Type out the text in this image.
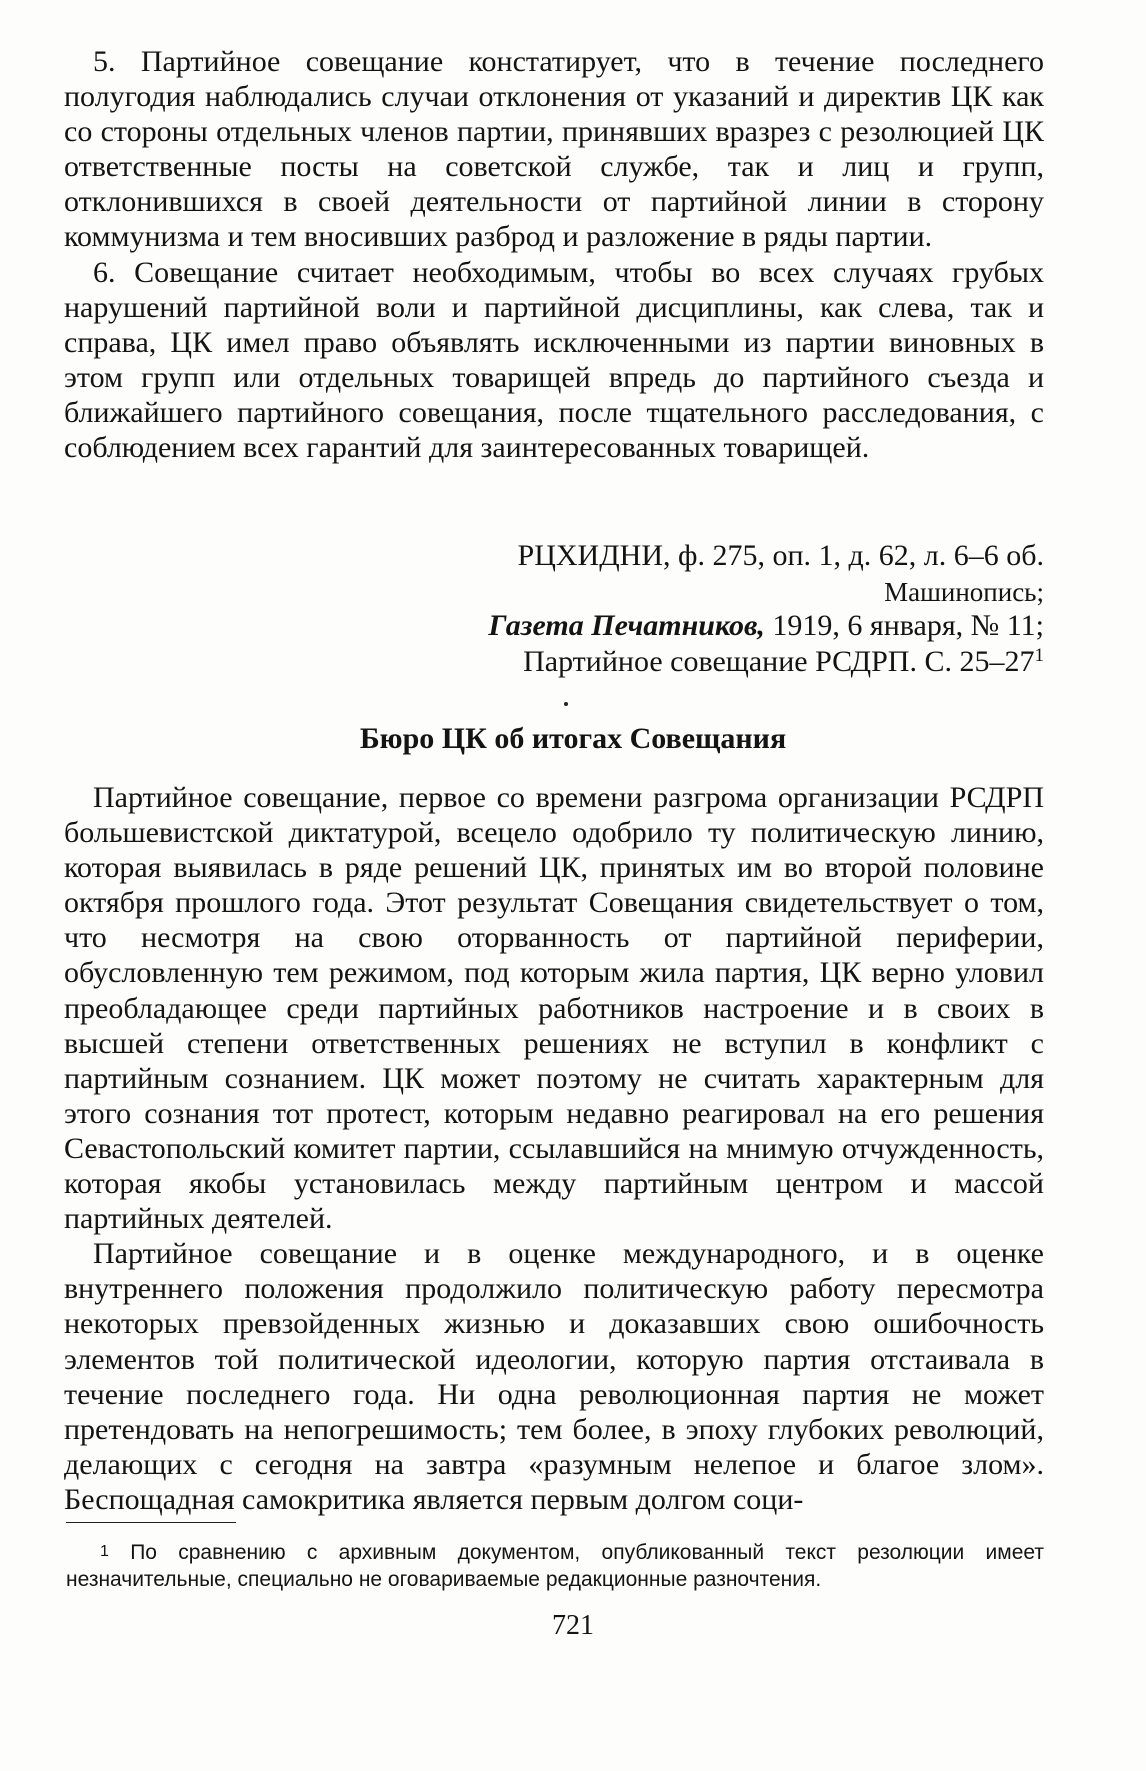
5. Партийное совещание констатирует, что в течение последнего полугодия наблюдались случаи отклонения от указаний и директив ЦК как со стороны отдельных членов партии, принявших вразрез с резолюцией ЦК ответственные посты на советской службе, так и лиц и групп, отклонившихся в своей деятельности от партийной линии в сторону коммунизма и тем вносивших разброд и разложение в ряды партии.

6. Совещание считает необходимым, чтобы во всех случаях грубых нарушений партийной воли и партийной дисциплины, как слева, так и справа, ЦК имел право объявлять исключенными из партии виновных в этом групп или отдельных товарищей впредь до партийного съезда и ближайшего партийного совещания, после тщательного расследования, с соблюдением всех гарантий для заинтересованных товарищей.

РЦХИДНИ, ф. 275, оп. 1, д. 62, л. 6–6 об.

Машинопись;

Газета Печатников, 1919, 6 января, № 11;

Партийное совещание РСДРП. С. 25–27$^1$

Бюро ЦК об итогах Совещания

Партийное совещание, первое со времени разгрома организации РСДРП большевистской диктатурой, всецело одобрило ту политическую линию, которая выявилась в ряде решений ЦК, принятых им во второй половине октября прошлого года. Этот результат Совещания свидетельствует о том, что несмотря на свою оторванность от партийной периферии, обусловленную тем режимом, под которым жила партия, ЦК верно уловил преобладающее среди партийных работников настроение и в своих в высшей степени ответственных решениях не вступил в конфликт с партийным сознанием. ЦК может поэтому не считать характерным для этого сознания тот протест, которым недавно реагировал на его решения Севастопольский комитет партии, ссылавшийся на мнимую отчужденность, которая якобы установилась между партийным центром и массой партийных деятелей.

Партийное совещание и в оценке международного, и в оценке внутреннего положения продолжило политическую работу пересмотра некоторых превзойденных жизнью и доказавших свою ошибочность элементов той политической идеологии, которую партия отстаивала в течение последнего года. Ни одна революционная партия не может претендовать на непогрешимость; тем более, в эпоху глубоких революций, делающих с сегодня на завтра «разумным нелепое и благое злом». Беспощадная самокритика является первым долгом соци-

$^1$ По сравнению с архивным документом, опубликованный текст резолюции имеет незначительные, специально не оговариваемые редакционные разночтения.

721
